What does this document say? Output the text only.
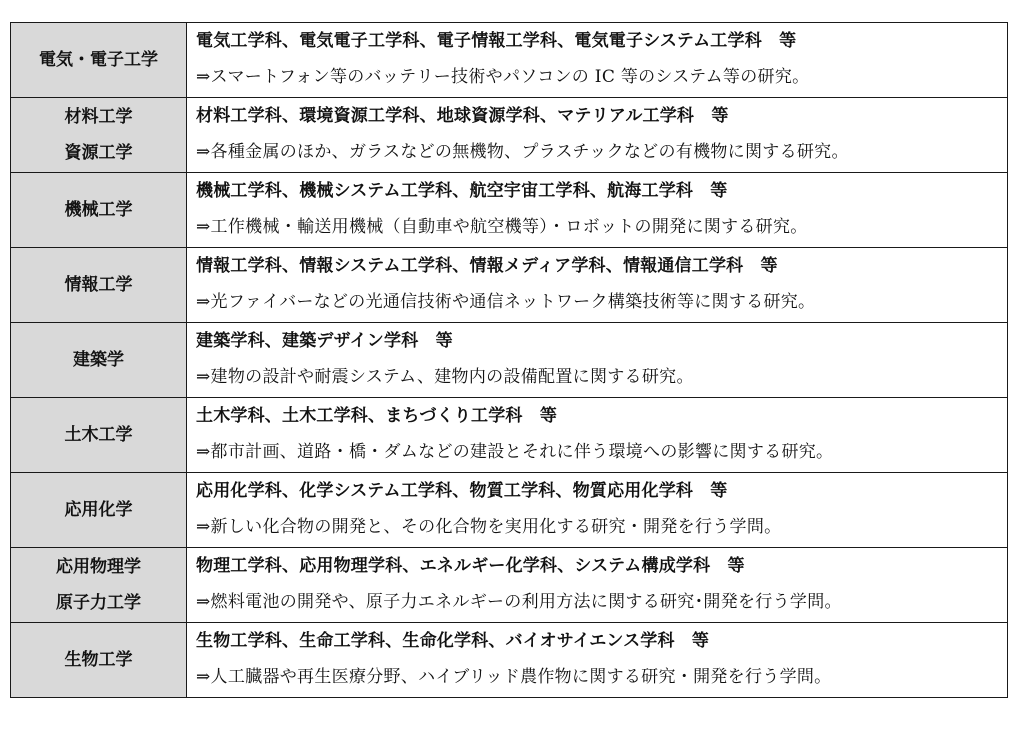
電気・電子工学	電気工学科、電気電子工学科、電子情報工学科、電気電子システム工学科　等
⇒スマートフォン等のバッテリー技術やパソコンの IC 等のシステム等の研究。

材料工学
資源工学	材料工学科、環境資源工学科、地球資源学科、マテリアル工学科　等
⇒各種金属のほか、ガラスなどの無機物、プラスチックなどの有機物に関する研究。

機械工学	機械工学科、機械システム工学科、航空宇宙工学科、航海工学科　等
⇒工作機械・輸送用機械（自動車や航空機等）・ロボットの開発に関する研究。

情報工学	情報工学科、情報システム工学科、情報メディア学科、情報通信工学科　等
⇒光ファイバーなどの光通信技術や通信ネットワーク構築技術等に関する研究。

建築学	建築学科、建築デザイン学科　等
⇒建物の設計や耐震システム、建物内の設備配置に関する研究。

土木工学	土木学科、土木工学科、まちづくり工学科　等
⇒都市計画、道路・橋・ダムなどの建設とそれに伴う環境への影響に関する研究。

応用化学	応用化学科、化学システム工学科、物質工学科、物質応用化学科　等
⇒新しい化合物の開発と、その化合物を実用化する研究・開発を行う学問。

応用物理学
原子力工学	物理工学科、応用物理学科、エネルギー化学科、システム構成学科　等
⇒燃料電池の開発や、原子力エネルギーの利用方法に関する研究･開発を行う学問。

生物工学	生物工学科、生命工学科、生命化学科、バイオサイエンス学科　等
⇒人工臓器や再生医療分野、ハイブリッド農作物に関する研究・開発を行う学問。
